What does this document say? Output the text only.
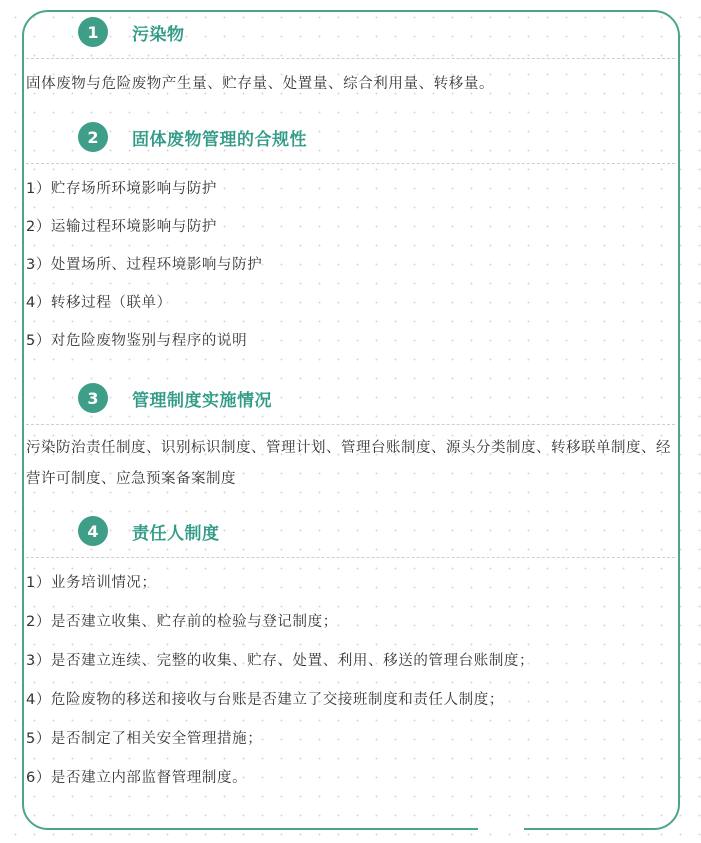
1	污染物
固体废物与危险废物产生量、贮存量、处置量、综合利用量、转移量。
2	固体废物管理的合规性
1）贮存场所环境影响与防护
2）运输过程环境影响与防护
3）处置场所、过程环境影响与防护
4）转移过程（联单）
5）对危险废物鉴别与程序的说明
3	管理制度实施情况
污染防治责任制度、识别标识制度、管理计划、管理台账制度、源头分类制度、转移联单制度、经营许可制度、应急预案备案制度
4	责任人制度
1）业务培训情况；
2）是否建立收集、贮存前的检验与登记制度；
3）是否建立连续、完整的收集、贮存、处置、利用、移送的管理台账制度；
4）危险废物的移送和接收与台账是否建立了交接班制度和责任人制度；
5）是否制定了相关安全管理措施；
6）是否建立内部监督管理制度。
